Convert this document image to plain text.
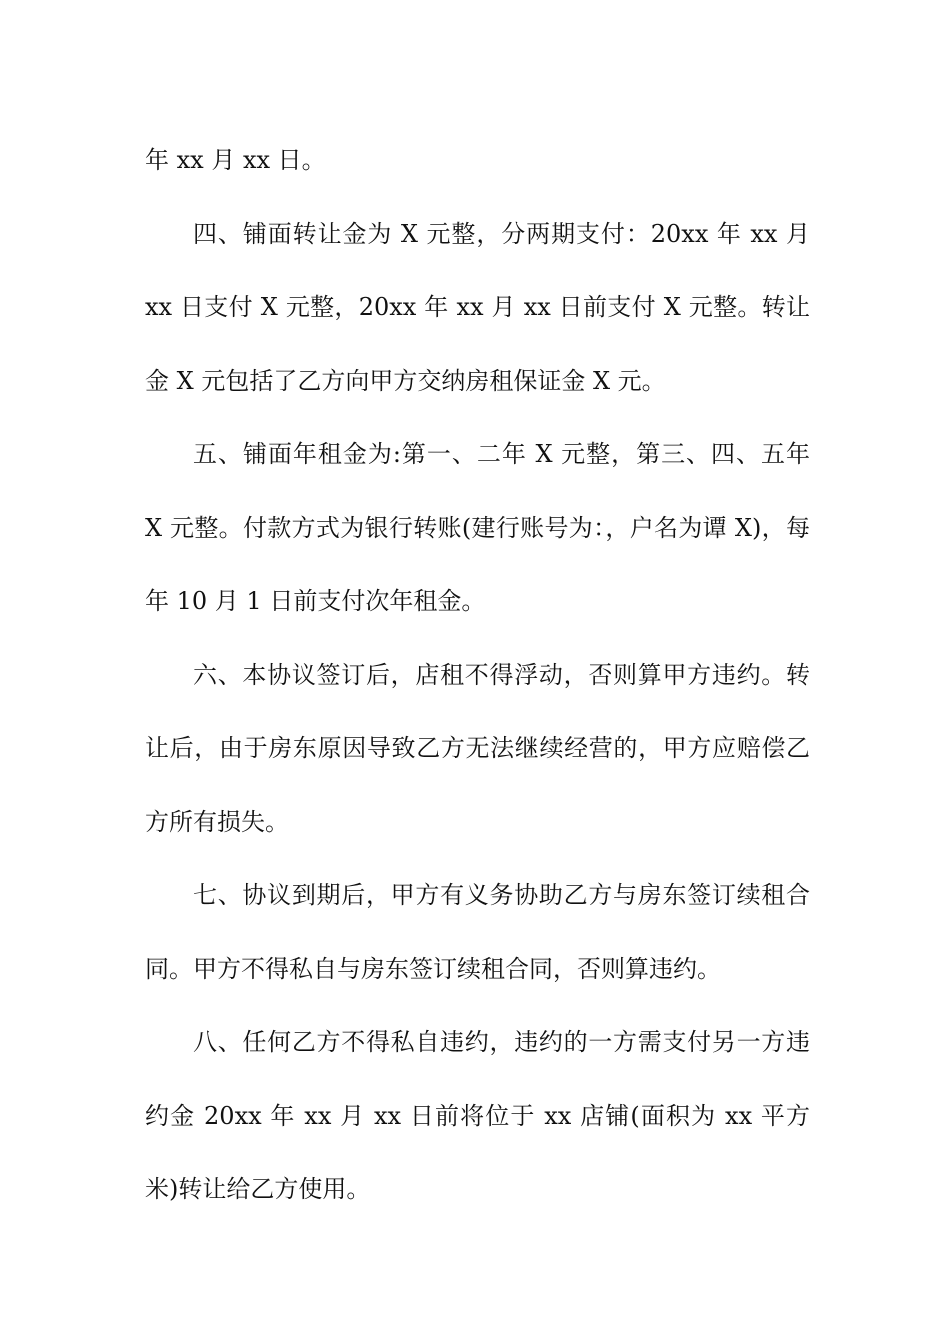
年 xx 月 xx 日。

四、铺面转让金为 X 元整，分两期支付：20xx 年 xx 月 xx 日支付 X 元整，20xx 年 xx 月 xx 日前支付 X 元整。转让金 X 元包括了乙方向甲方交纳房租保证金 X 元。

五、铺面年租金为:第一、二年 X 元整，第三、四、五年 X 元整。付款方式为银行转账(建行账号为：，户名为谭 X)，每年 10 月 1 日前支付次年租金。

六、本协议签订后，店租不得浮动，否则算甲方违约。转让后，由于房东原因导致乙方无法继续经营的，甲方应赔偿乙方所有损失。

七、协议到期后，甲方有义务协助乙方与房东签订续租合同。甲方不得私自与房东签订续租合同，否则算违约。

八、任何乙方不得私自违约，违约的一方需支付另一方违约金 20xx 年 xx 月 xx 日前将位于 xx 店铺(面积为 xx 平方米)转让给乙方使用。
